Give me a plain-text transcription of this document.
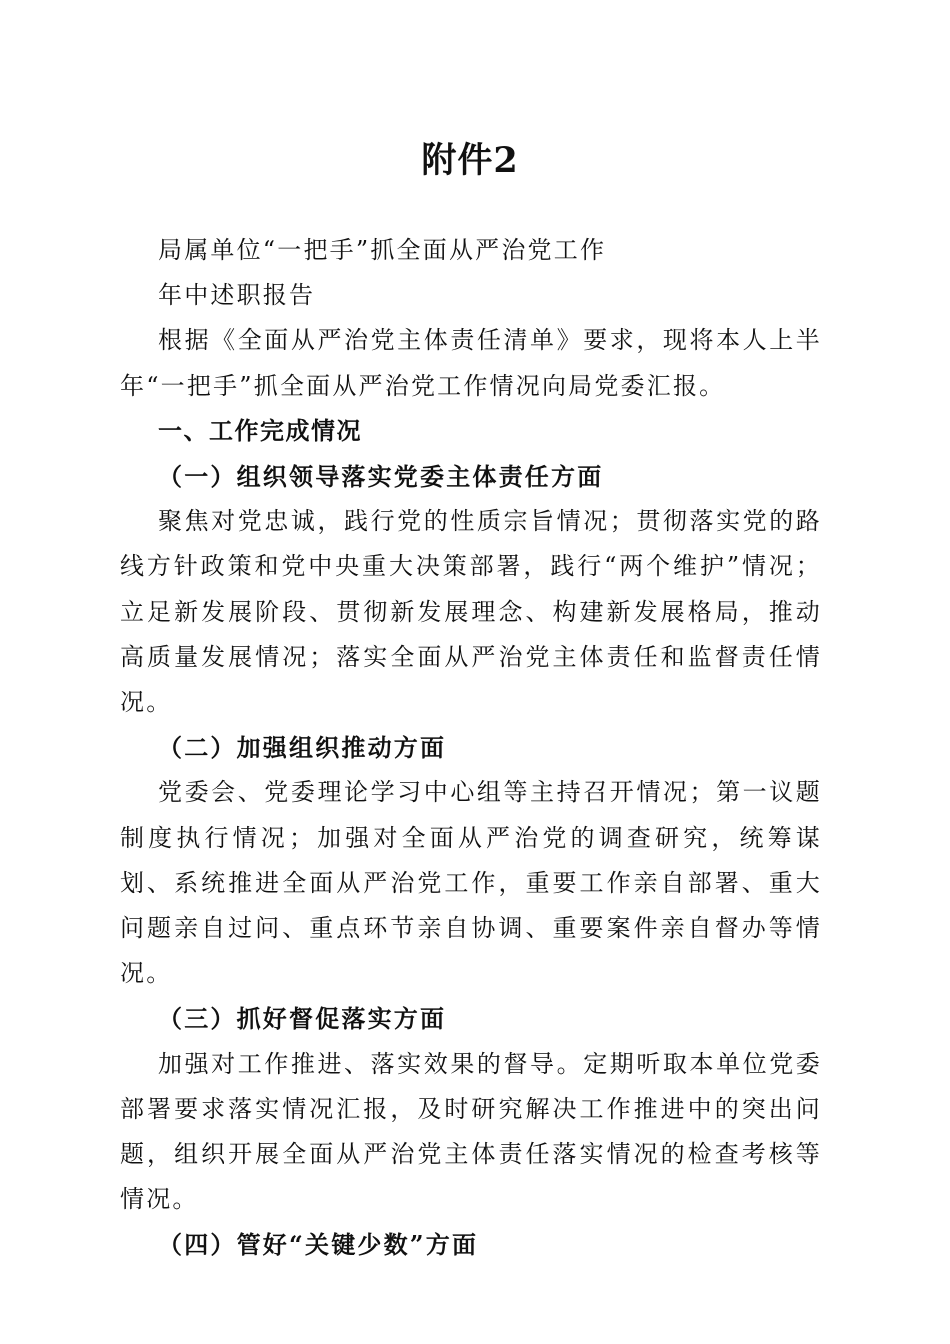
附件2

局属单位“一把手”抓全面从严治党工作

年中述职报告

根据《全面从严治党主体责任清单》要求，现将本人上半年“一把手”抓全面从严治党工作情况向局党委汇报。

一、工作完成情况

（一）组织领导落实党委主体责任方面

聚焦对党忠诚，践行党的性质宗旨情况；贯彻落实党的路线方针政策和党中央重大决策部署，践行“两个维护”情况；立足新发展阶段、贯彻新发展理念、构建新发展格局，推动高质量发展情况；落实全面从严治党主体责任和监督责任情况。

（二）加强组织推动方面

党委会、党委理论学习中心组等主持召开情况；第一议题制度执行情况；加强对全面从严治党的调查研究，统筹谋划、系统推进全面从严治党工作，重要工作亲自部署、重大问题亲自过问、重点环节亲自协调、重要案件亲自督办等情况。

（三）抓好督促落实方面

加强对工作推进、落实效果的督导。定期听取本单位党委部署要求落实情况汇报，及时研究解决工作推进中的突出问题，组织开展全面从严治党主体责任落实情况的检查考核等情况。

（四）管好“关键少数”方面
